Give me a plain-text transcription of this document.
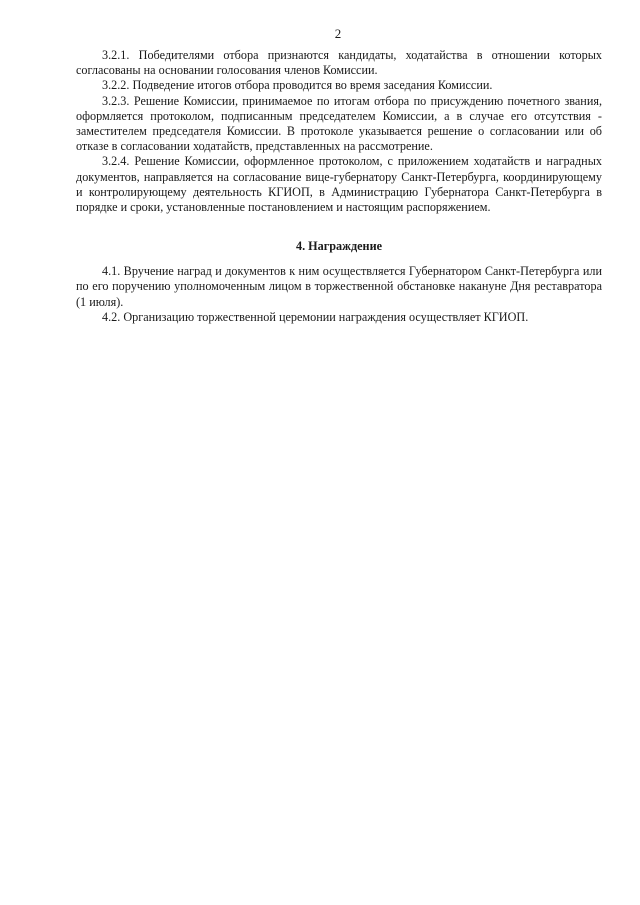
2

3.2.1. Победителями отбора признаются кандидаты, ходатайства в отношении которых согласованы на основании голосования членов Комиссии.

3.2.2. Подведение итогов отбора проводится во время заседания Комиссии.

3.2.3. Решение Комиссии, принимаемое по итогам отбора по присуждению почетного звания, оформляется протоколом, подписанным председателем Комиссии, а в случае его отсутствия - заместителем председателя Комиссии. В протоколе указывается решение о согласовании или об отказе в согласовании ходатайств, представленных на рассмотрение.

3.2.4. Решение Комиссии, оформленное протоколом, с приложением ходатайств и наградных документов, направляется на согласование вице-губернатору Санкт-Петербурга, координирующему и контролирующему деятельность КГИОП, в Администрацию Губернатора Санкт-Петербурга в порядке и сроки, установленные постановлением и настоящим распоряжением.

4. Награждение

4.1. Вручение наград и документов к ним осуществляется Губернатором Санкт-Петербурга или по его поручению уполномоченным лицом в торжественной обстановке накануне Дня реставратора (1 июля).

4.2. Организацию торжественной церемонии награждения осуществляет КГИОП.
